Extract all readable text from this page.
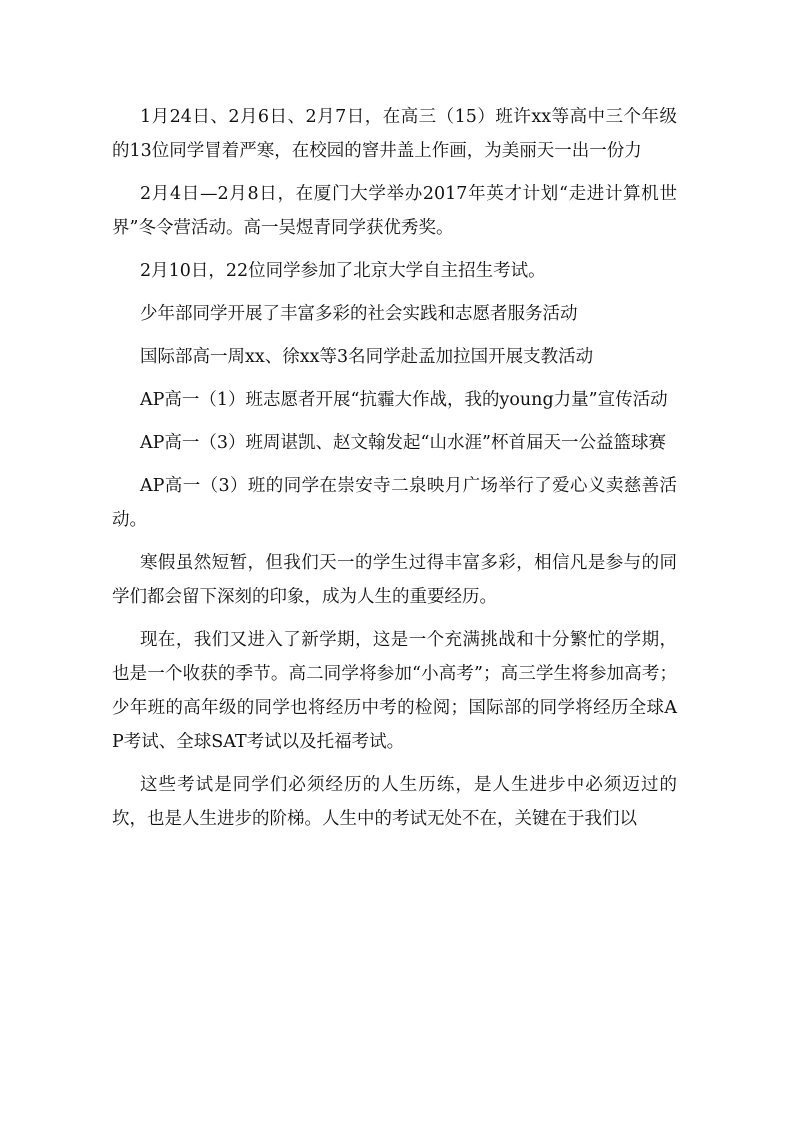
1月24日、2月6日、2月7日，在高三（15）班许xx等高中三个年级的13位同学冒着严寒，在校园的窨井盖上作画，为美丽天一出一份力

2月4日—2月8日，在厦门大学举办2017年英才计划“走进计算机世界”冬令营活动。高一吴煜青同学获优秀奖。

2月10日，22位同学参加了北京大学自主招生考试。

少年部同学开展了丰富多彩的社会实践和志愿者服务活动

国际部高一周xx、徐xx等3名同学赴孟加拉国开展支教活动

AP高一（1）班志愿者开展“抗霾大作战，我的young力量”宣传活动

AP高一（3）班周谌凯、赵文翰发起“山水涯”杯首届天一公益篮球赛

AP高一（3）班的同学在崇安寺二泉映月广场举行了爱心义卖慈善活动。

寒假虽然短暂，但我们天一的学生过得丰富多彩，相信凡是参与的同学们都会留下深刻的印象，成为人生的重要经历。

现在，我们又进入了新学期，这是一个充满挑战和十分繁忙的学期，也是一个收获的季节。高二同学将参加“小高考”；高三学生将参加高考；少年班的高年级的同学也将经历中考的检阅；国际部的同学将经历全球AP考试、全球SAT考试以及托福考试。

这些考试是同学们必须经历的人生历练，是人生进步中必须迈过的坎，也是人生进步的阶梯。人生中的考试无处不在，关键在于我们以
